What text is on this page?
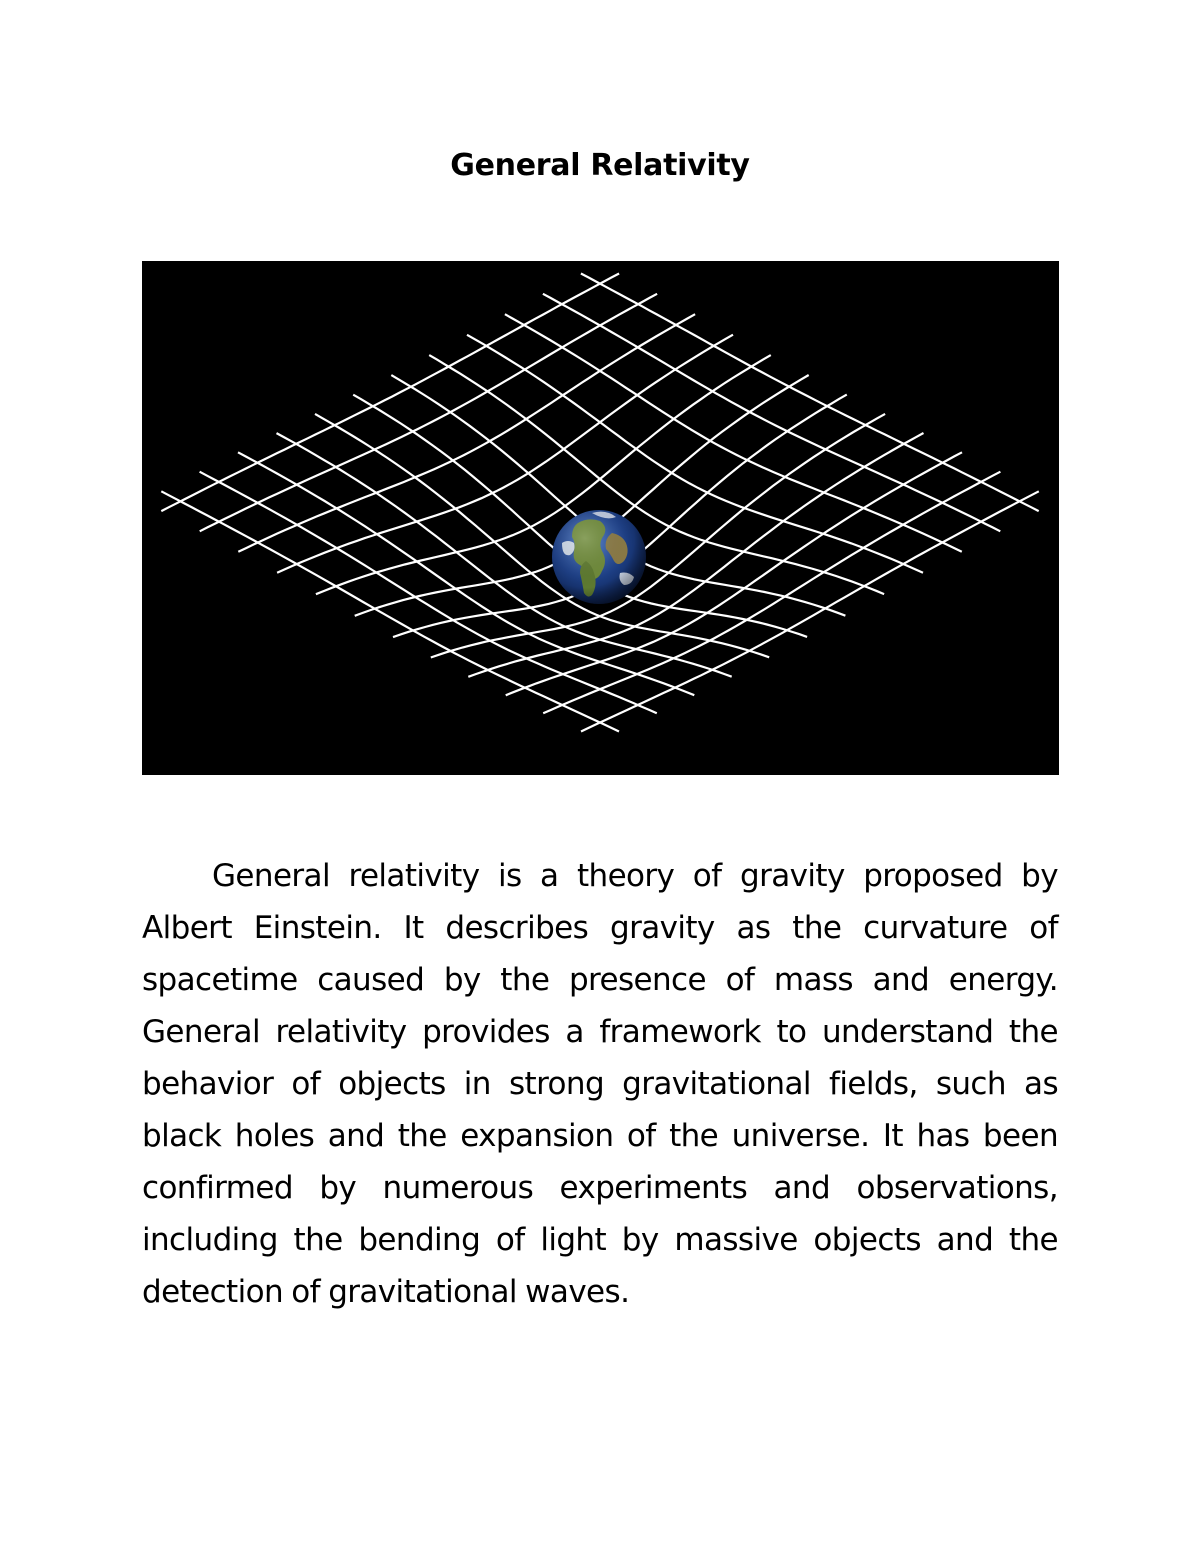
General Relativity

General relativity is a theory of gravity proposed by Albert Einstein. It describes gravity as the curvature of spacetime caused by the presence of mass and energy. General relativity provides a framework to understand the behavior of objects in strong gravitational fields, such as black holes and the expansion of the universe. It has been confirmed by numerous experiments and observations, including the bending of light by massive objects and the detection of gravitational waves.
